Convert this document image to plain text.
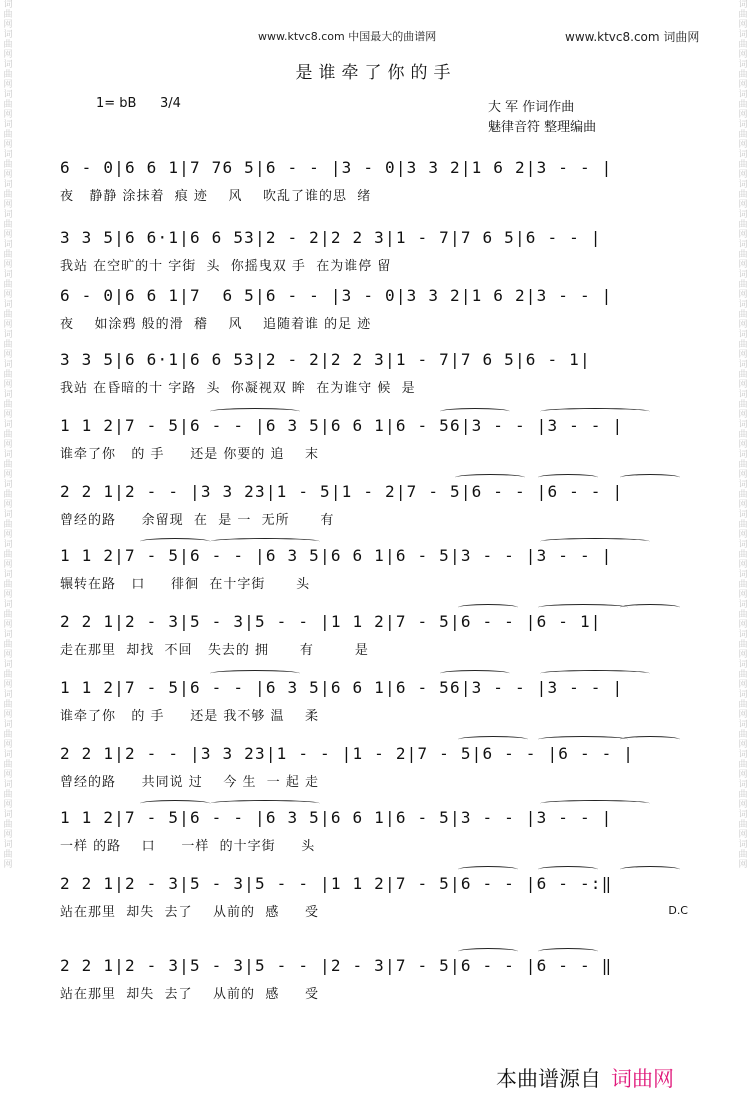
词 曲 网 词 曲 网 词 曲 网 词 曲 网 词 曲 网 词 曲 网 词 曲 网 词 曲 网 词 曲 网 词 曲 网 词 曲 网 词 曲 网 词 曲 网 词 曲 网 词 曲 网 词 曲 网 词 曲 网 词 曲 网 词 曲 网 词 曲 网 词 曲 网 词 曲 网 词 曲 网 词 曲 网 词 曲 网 词 曲 网 词 曲 网 词 曲 网 词 曲 网
词 曲 网 词 曲 网 词 曲 网 词 曲 网 词 曲 网 词 曲 网 词 曲 网 词 曲 网 词 曲 网 词 曲 网 词 曲 网 词 曲 网 词 曲 网 词 曲 网 词 曲 网 词 曲 网 词 曲 网 词 曲 网 词 曲 网 词 曲 网 词 曲 网 词 曲 网 词 曲 网 词 曲 网 词 曲 网 词 曲 网 词 曲 网 词 曲 网 词 曲 网
www.ktvc8.com 中国最大的曲谱网	www.ktvc8.com 词曲网
是谁牵了你的手
1= bB 3/4	大 军 作词作曲
魅律音符 整理编曲
6 - 0|6 6 1|7 76 5|6 - - |3 - 0|3 3 2|1 6 2|3 - - |
夜   静静 涂抹着  痕 迹    风    吹乱了谁的思  绪
3 3 5|6 6·1|6 6 53|2 - 2|2 2 3|1 - 7|7 6 5|6 - - |
我站 在空旷的十 字街  头  你摇曳双 手  在为谁停 留
6 - 0|6 6 1|7  6 5|6 - - |3 - 0|3 3 2|1 6 2|3 - - |
夜    如涂鸦 般的滑  稽    风    追随着谁 的足 迹
3 3 5|6 6·1|6 6 53|2 - 2|2 2 3|1 - 7|7 6 5|6 - 1|
我站 在昏暗的十 字路  头  你凝视双 眸  在为谁守 候  是
1 1 2|7 - 5|6 - - |6 3 5|6 6 1|6 - 56|3 - - |3 - - |
谁牵了你   的 手     还是 你要的 追    末
2 2 1|2 - - |3 3 23|1 - 5|1 - 2|7 - 5|6 - - |6 - - |
曾经的路     余留现  在  是 一  无所      有
1 1 2|7 - 5|6 - - |6 3 5|6 6 1|6 - 5|3 - - |3 - - |
辗转在路   口     徘徊  在十字街      头
2 2 1|2 - 3|5 - 3|5 - - |1 1 2|7 - 5|6 - - |6 - 1|
走在那里  却找  不回   失去的 拥      有        是
1 1 2|7 - 5|6 - - |6 3 5|6 6 1|6 - 56|3 - - |3 - - |
谁牵了你   的 手     还是 我不够 温    柔
2 2 1|2 - - |3 3 23|1 - - |1 - 2|7 - 5|6 - - |6 - - |
曾经的路     共同说 过    今 生  一 起 走
1 1 2|7 - 5|6 - - |6 3 5|6 6 1|6 - 5|3 - - |3 - - |
一样 的路    口     一样  的十字街     头
2 2 1|2 - 3|5 - 3|5 - - |1 1 2|7 - 5|6 - - |6 - -:‖
站在那里  却失  去了    从前的  感     受	D.C
2 2 1|2 - 3|5 - 3|5 - - |2 - 3|7 - 5|6 - - |6 - - ‖
站在那里  却失  去了    从前的  感     受
本曲谱源自 词曲网
